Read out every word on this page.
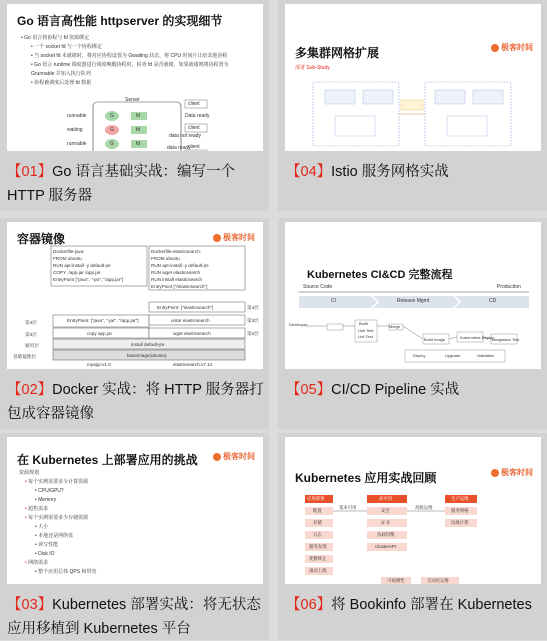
Go 语言高性能 httpserver 的实现细节
• Go 语言将协程与 fd 资源绑定
• 一个 socket fd 与一个协程绑定
• 当 socket fd 未就绪时，将对应协程设置为 Gwaiting 状态，将 CPU 时间片让给其他协程
• Go 语言 runtime 调度器进行调度唤醒协程时，检查 fd 是否就绪，如果就绪则将协程置为 Grunnable 并加入执行队列
• 协程被调度后处理 fd 数据
Server
runnable
waiting
runnable
G
G
G
fd
fd
fd
client
client
client
Data ready
data not ready
data ready
【01】Go 语言基础实战：编写一个 HTTP 服务器
多集群网格扩展
部署 Sub-Study
极客时间
【04】Istio 服务网格实战
容器镜像	极客时间
Dockerfile-java:
FROM ubuntu
RUN apt-install -y default-jre
COPY ./app.jar /app.jar
EntryPoint ["java", "-jar", "/app.jar"]
Dockerfile-elasticsearch:
FROM ubuntu
RUN apt-install -y default-jre
RUN wget elasticsearch
RUN install elasticsearch
EntryPoint ["/elasticsearch"]
EntryPoint: ["java", "-jar", "/app.jar"]
copy app.jar
install default-jre
baseimage(ubuntu)
EntryPoint: ["elasticsearch"]
untar elasticsearch
wget elasticsearch
第4层
第3层
通用层
基础镜像层
第4层
第3层
第2层
myapp:v1.0	elasticsearch:v7.14
【02】Docker 实战：将 HTTP 服务器打包成容器镜像
Kubernetes CI&CD 完整流程
Source Code	Production
CI	Release Mgmt	CD
Developer	Build
Unit Test
Lint Test
Merge
Build Image	Kubernetes Deploy
Integration Test
Deploy	Upgrade	Validation
【05】CI/CD Pipeline 实战
在 Kubernetes 上部署应用的挑战	极客时间
资源规划
• 每个实例需要多少计算资源
• CPU/GPU?
• Memory
• 超售需求
• 每个实例需要多少存储资源
• 大小
• 本地还是网络盘
• 读写性能
• Disk IO
• 网络需求
• 整个应用总体 QPS 和带宽
【03】Kubernetes 部署实战：将无状态应用移植到 Kubernetes 平台
Kubernetes 应用实战回顾	极客时间
应用部署
配置
存储
日志
服务发现
优雅终止
滚动上线
基本可用
高可用
安全
证书
负载均衡
ClusterAPI
高级运维
生产运维
服务网格
边缘计算
可观测性	自动化运维
【06】将 Bookinfo 部署在 Kubernetes
